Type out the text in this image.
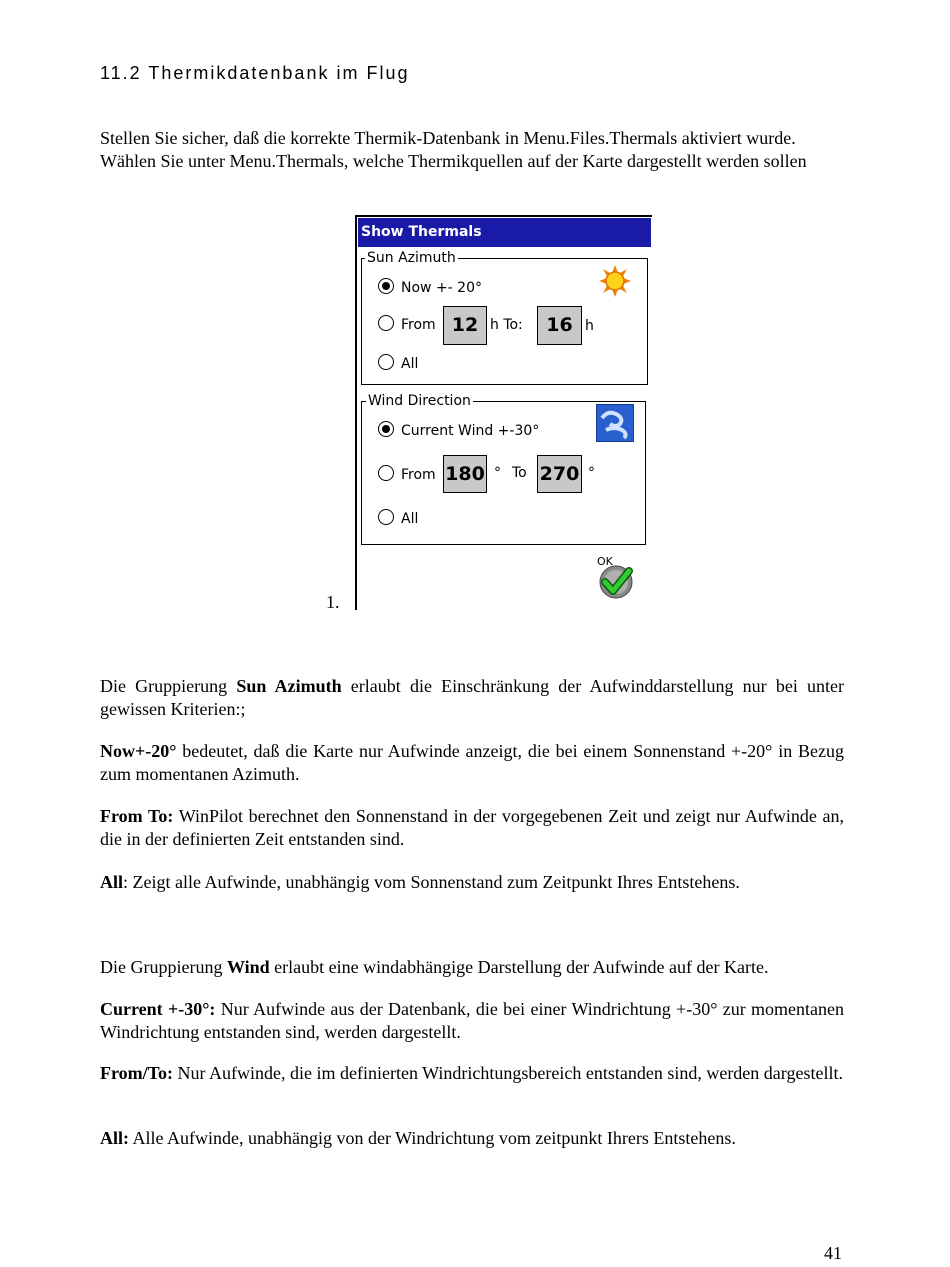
11.2 Thermikdatenbank im Flug
Stellen Sie sicher, daß die korrekte Thermik-Datenbank in Menu.Files.Thermals aktiviert wurde.
Wählen Sie unter Menu.Thermals, welche Thermikquellen auf der Karte dargestellt werden sollen
Show Thermals
Sun Azimuth
Now +- 20°
From 12 h To:	16 h
All
Wind Direction
Current Wind +-30°
From 180 ° To 270 °
All
OK
1.
Die Gruppierung Sun Azimuth erlaubt die Einschränkung der Aufwinddarstellung nur bei unter gewissen Kriterien:;
Now+-20° bedeutet, daß die Karte nur Aufwinde anzeigt, die bei einem Sonnenstand +-20° in Bezug zum momentanen Azimuth.
From To: WinPilot berechnet den Sonnenstand in der vorgegebenen Zeit und zeigt nur Aufwinde an, die in der definierten Zeit entstanden sind.
All: Zeigt alle Aufwinde, unabhängig vom Sonnenstand zum Zeitpunkt Ihres Entstehens.
Die Gruppierung Wind erlaubt eine windabhängige Darstellung der Aufwinde auf der Karte.
Current +-30°: Nur Aufwinde aus der Datenbank, die bei einer Windrichtung +-30° zur momentanen Windrichtung entstanden sind, werden dargestellt.
From/To: Nur Aufwinde, die im definierten Windrichtungsbereich entstanden sind, werden dargestellt.
All: Alle Aufwinde, unabhängig von der Windrichtung vom zeitpunkt Ihrers Entstehens.
41
